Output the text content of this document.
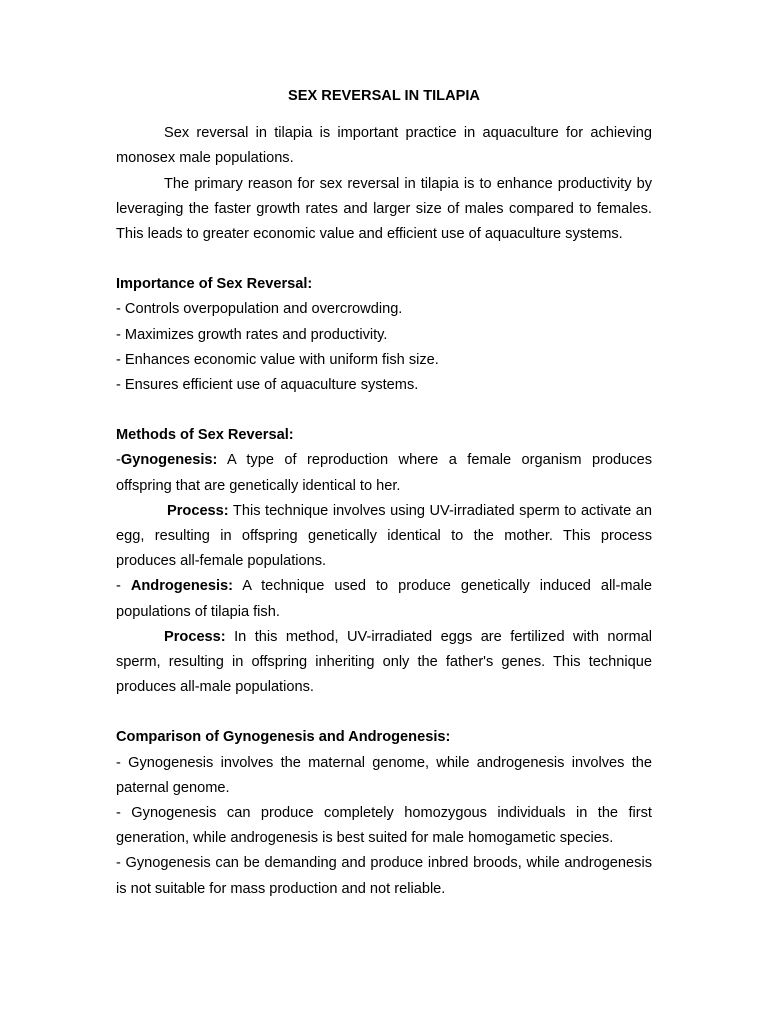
SEX REVERSAL IN TILAPIA

Sex reversal in tilapia is important practice in aquaculture for achieving monosex male populations.

The primary reason for sex reversal in tilapia is to enhance productivity by leveraging the faster growth rates and larger size of males compared to females. This leads to greater economic value and efficient use of aquaculture systems.

Importance of Sex Reversal:

- Controls overpopulation and overcrowding.

- Maximizes growth rates and productivity.

- Enhances economic value with uniform fish size.

- Ensures efficient use of aquaculture systems.

Methods of Sex Reversal:

-Gynogenesis: A type of reproduction where a female organism produces offspring that are genetically identical to her.

Process: This technique involves using UV-irradiated sperm to activate an egg, resulting in offspring genetically identical to the mother. This process produces all-female populations.

- Androgenesis: A technique used to produce genetically induced all-male populations of tilapia fish.

Process: In this method, UV-irradiated eggs are fertilized with normal sperm, resulting in offspring inheriting only the father's genes. This technique produces all-male populations.

Comparison of Gynogenesis and Androgenesis:

- Gynogenesis involves the maternal genome, while androgenesis involves the paternal genome.

- Gynogenesis can produce completely homozygous individuals in the first generation, while androgenesis is best suited for male homogametic species.

- Gynogenesis can be demanding and produce inbred broods, while androgenesis is not suitable for mass production and not reliable.
